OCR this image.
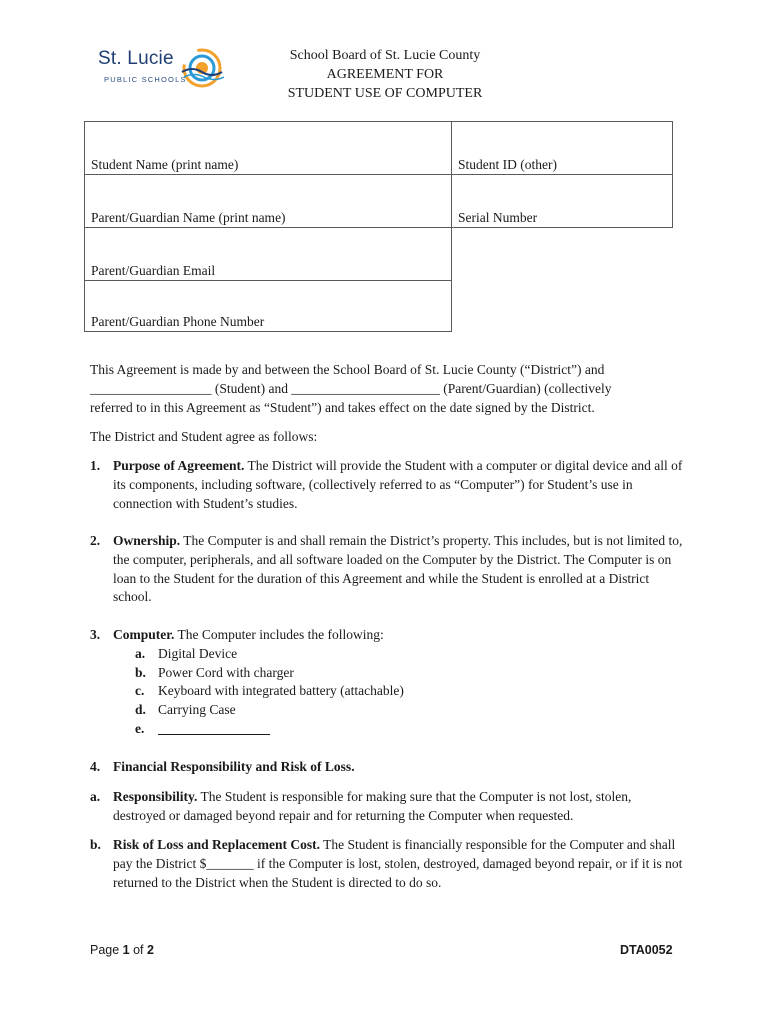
St. Lucie
PUBLIC SCHOOLS
School Board of St. Lucie County
AGREEMENT FOR
STUDENT USE OF COMPUTER
Student Name (print name)	Student ID (other)
Parent/Guardian Name (print name)	Serial Number
Parent/Guardian Email
Parent/Guardian Phone Number

This Agreement is made by and between the School Board of St. Lucie County (“District”) and

__________________ (Student) and ______________________ (Parent/Guardian) (collectively

referred to in this Agreement as “Student”) and takes effect on the date signed by the District.

The District and Student agree as follows:

1. Purpose of Agreement. The District will provide the Student with a computer or digital device and all of its components, including software, (collectively referred to as “Computer”) for Student’s use in connection with Student’s studies.
2. Ownership. The Computer is and shall remain the District’s property. This includes, but is not limited to, the computer, peripherals, and all software loaded on the Computer by the District. The Computer is on loan to the Student for the duration of this Agreement and while the Student is enrolled at a District school.
3. Computer. The Computer includes the following:
a. Digital Device
b. Power Cord with charger
c. Keyboard with integrated battery (attachable)
d. Carrying Case
e.
4. Financial Responsibility and Risk of Loss.
a. Responsibility. The Student is responsible for making sure that the Computer is not lost, stolen, destroyed or damaged beyond repair and for returning the Computer when requested.
b. Risk of Loss and Replacement Cost. The Student is financially responsible for the Computer and shall pay the District $_______ if the Computer is lost, stolen, destroyed, damaged beyond repair, or if it is not returned to the District when the Student is directed to do so.
Page 1 of 2	DTA0052
